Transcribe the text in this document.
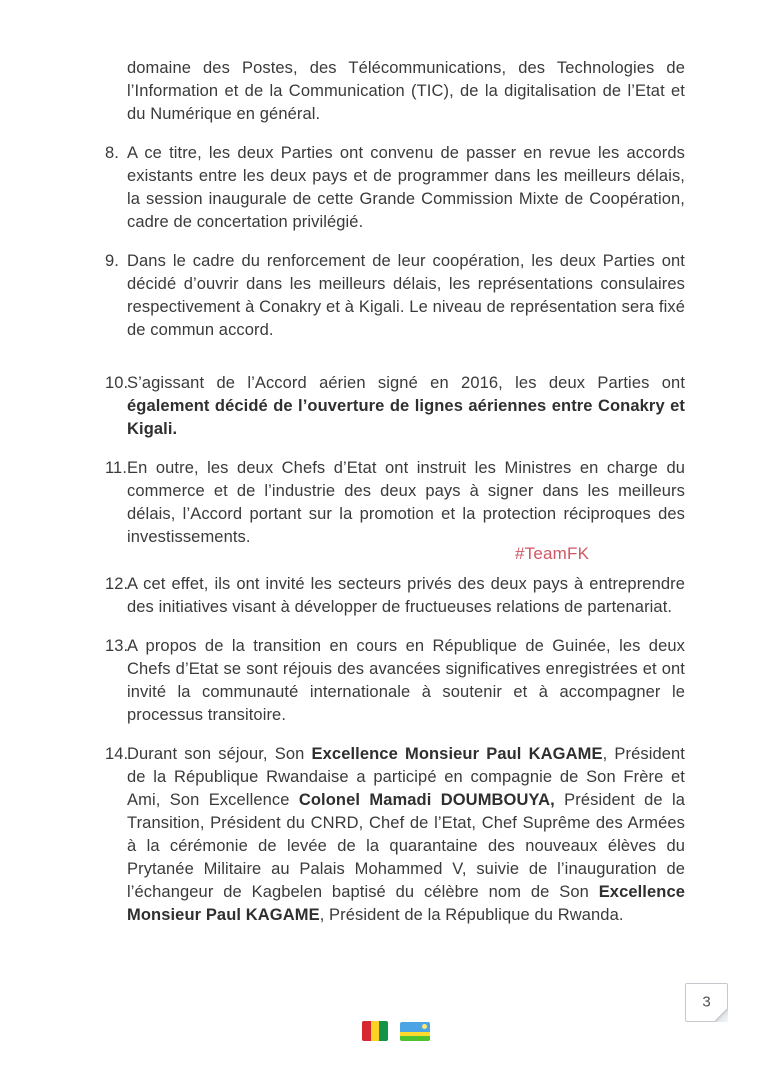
domaine des Postes, des Télécommunications, des Technologies de l’Information et de la Communication (TIC), de la digitalisation de l’Etat et du Numérique en général.

8. A ce titre, les deux Parties ont convenu de passer en revue les accords existants entre les deux pays et de programmer dans les meilleurs délais, la session inaugurale de cette Grande Commission Mixte de Coopération, cadre de concertation privilégié.

9. Dans le cadre du renforcement de leur coopération, les deux Parties ont décidé d’ouvrir dans les meilleurs délais, les représentations consulaires respectivement à Conakry et à Kigali. Le niveau de représentation sera fixé de commun accord.

10.S’agissant de l’Accord aérien signé en 2016, les deux Parties ont également décidé de l’ouverture de lignes aériennes entre Conakry et Kigali.

11.En outre, les deux Chefs d’Etat ont instruit les Ministres en charge du commerce et de l’industrie des deux pays à signer dans les meilleurs délais, l’Accord portant sur la promotion et la protection réciproques des investissements.

12.A cet effet, ils ont invité les secteurs privés des deux pays à entreprendre des initiatives visant à développer de fructueuses relations de partenariat.

13.A propos de la transition en cours en République de Guinée, les deux Chefs d’Etat se sont réjouis des avancées significatives enregistrées et ont invité la communauté internationale à soutenir et à accompagner le processus transitoire.

14.Durant son séjour, Son Excellence Monsieur Paul KAGAME, Président de la République Rwandaise a participé en compagnie de Son Frère et Ami, Son Excellence Colonel Mamadi DOUMBOUYA, Président de la Transition, Président du CNRD, Chef de l’Etat, Chef Suprême des Armées à la cérémonie de levée de la quarantaine des nouveaux élèves du Prytanée Militaire au Palais Mohammed V, suivie de l’inauguration de l’échangeur de Kagbelen baptisé du célèbre nom de Son Excellence Monsieur Paul KAGAME, Président de la République du Rwanda.

#TeamFK
3
